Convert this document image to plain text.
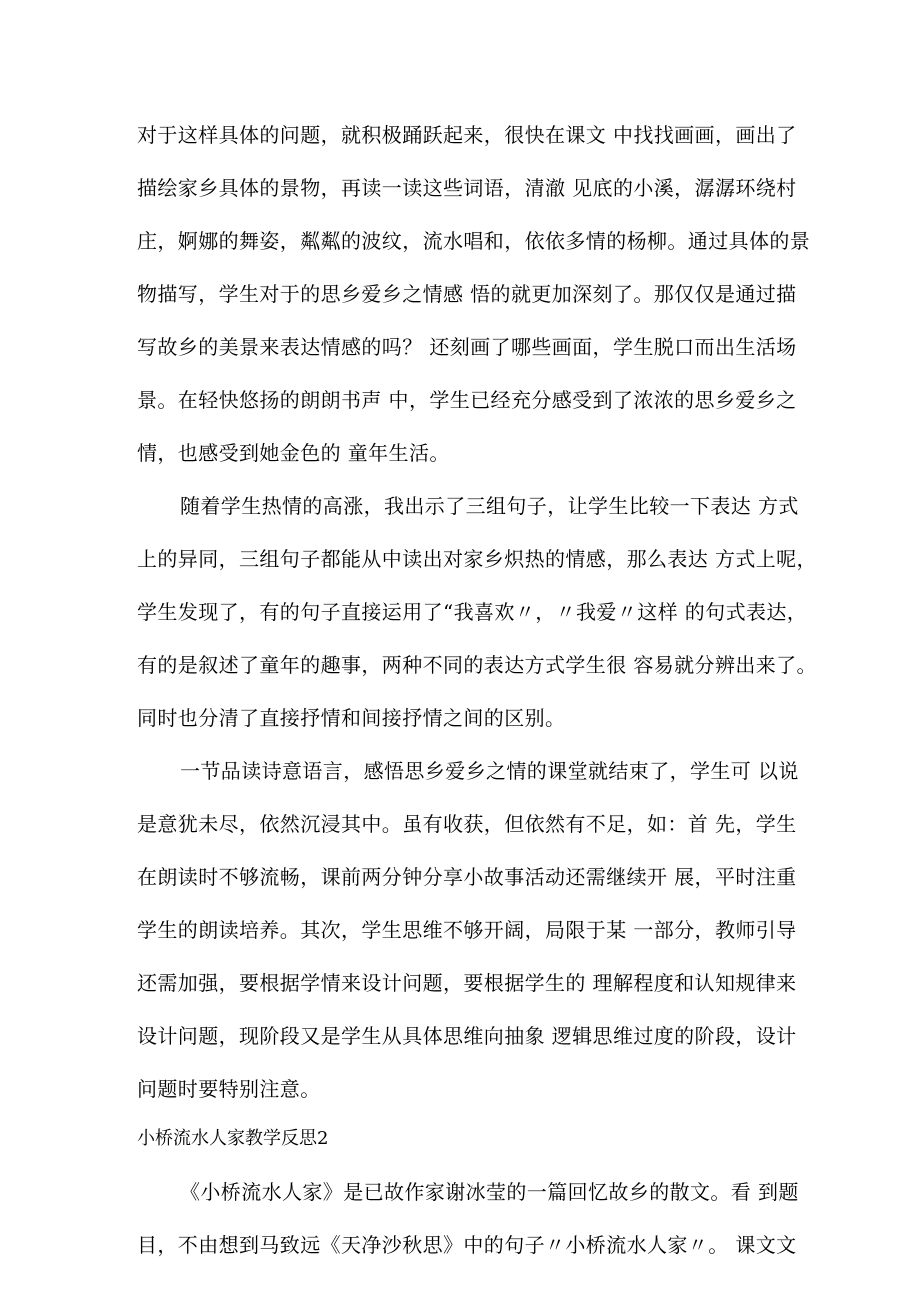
对于这样具体的问题，就积极踊跃起来，很快在课文 中找找画画，画出了
描绘家乡具体的景物，再读一读这些词语，清澈 见底的小溪，潺潺环绕村
庄，婀娜的舞姿，粼粼的波纹，流水唱和，依依多情的杨柳。通过具体的景
物描写，学生对于的思乡爱乡之情感 悟的就更加深刻了。那仅仅是通过描
写故乡的美景来表达情感的吗？ 还刻画了哪些画面，学生脱口而出生活场
景。在轻快悠扬的朗朗书声 中，学生已经充分感受到了浓浓的思乡爱乡之
情，也感受到她金色的 童年生活。
随着学生热情的高涨，我出示了三组句子，让学生比较一下表达 方式
上的异同，三组句子都能从中读出对家乡炽热的情感，那么表达 方式上呢，
学生发现了，有的句子直接运用了“我喜欢〃，〃我爱〃这样 的句式表达，
有的是叙述了童年的趣事，两种不同的表达方式学生很 容易就分辨出来了。
同时也分清了直接抒情和间接抒情之间的区别。
一节品读诗意语言，感悟思乡爱乡之情的课堂就结束了，学生可 以说
是意犹未尽，依然沉浸其中。虽有收获，但依然有不足，如：首 先，学生
在朗读时不够流畅，课前两分钟分享小故事活动还需继续开 展，平时注重
学生的朗读培养。其次，学生思维不够开阔，局限于某 一部分，教师引导
还需加强，要根据学情来设计问题，要根据学生的 理解程度和认知规律来
设计问题，现阶段又是学生从具体思维向抽象 逻辑思维过度的阶段，设计
问题时要特别注意。
小桥流水人家教学反思2
《小桥流水人家》是已故作家谢冰莹的一篇回忆故乡的散文。看 到题
目，不由想到马致远《天净沙秋思》中的句子〃小桥流水人家〃。 课文文
